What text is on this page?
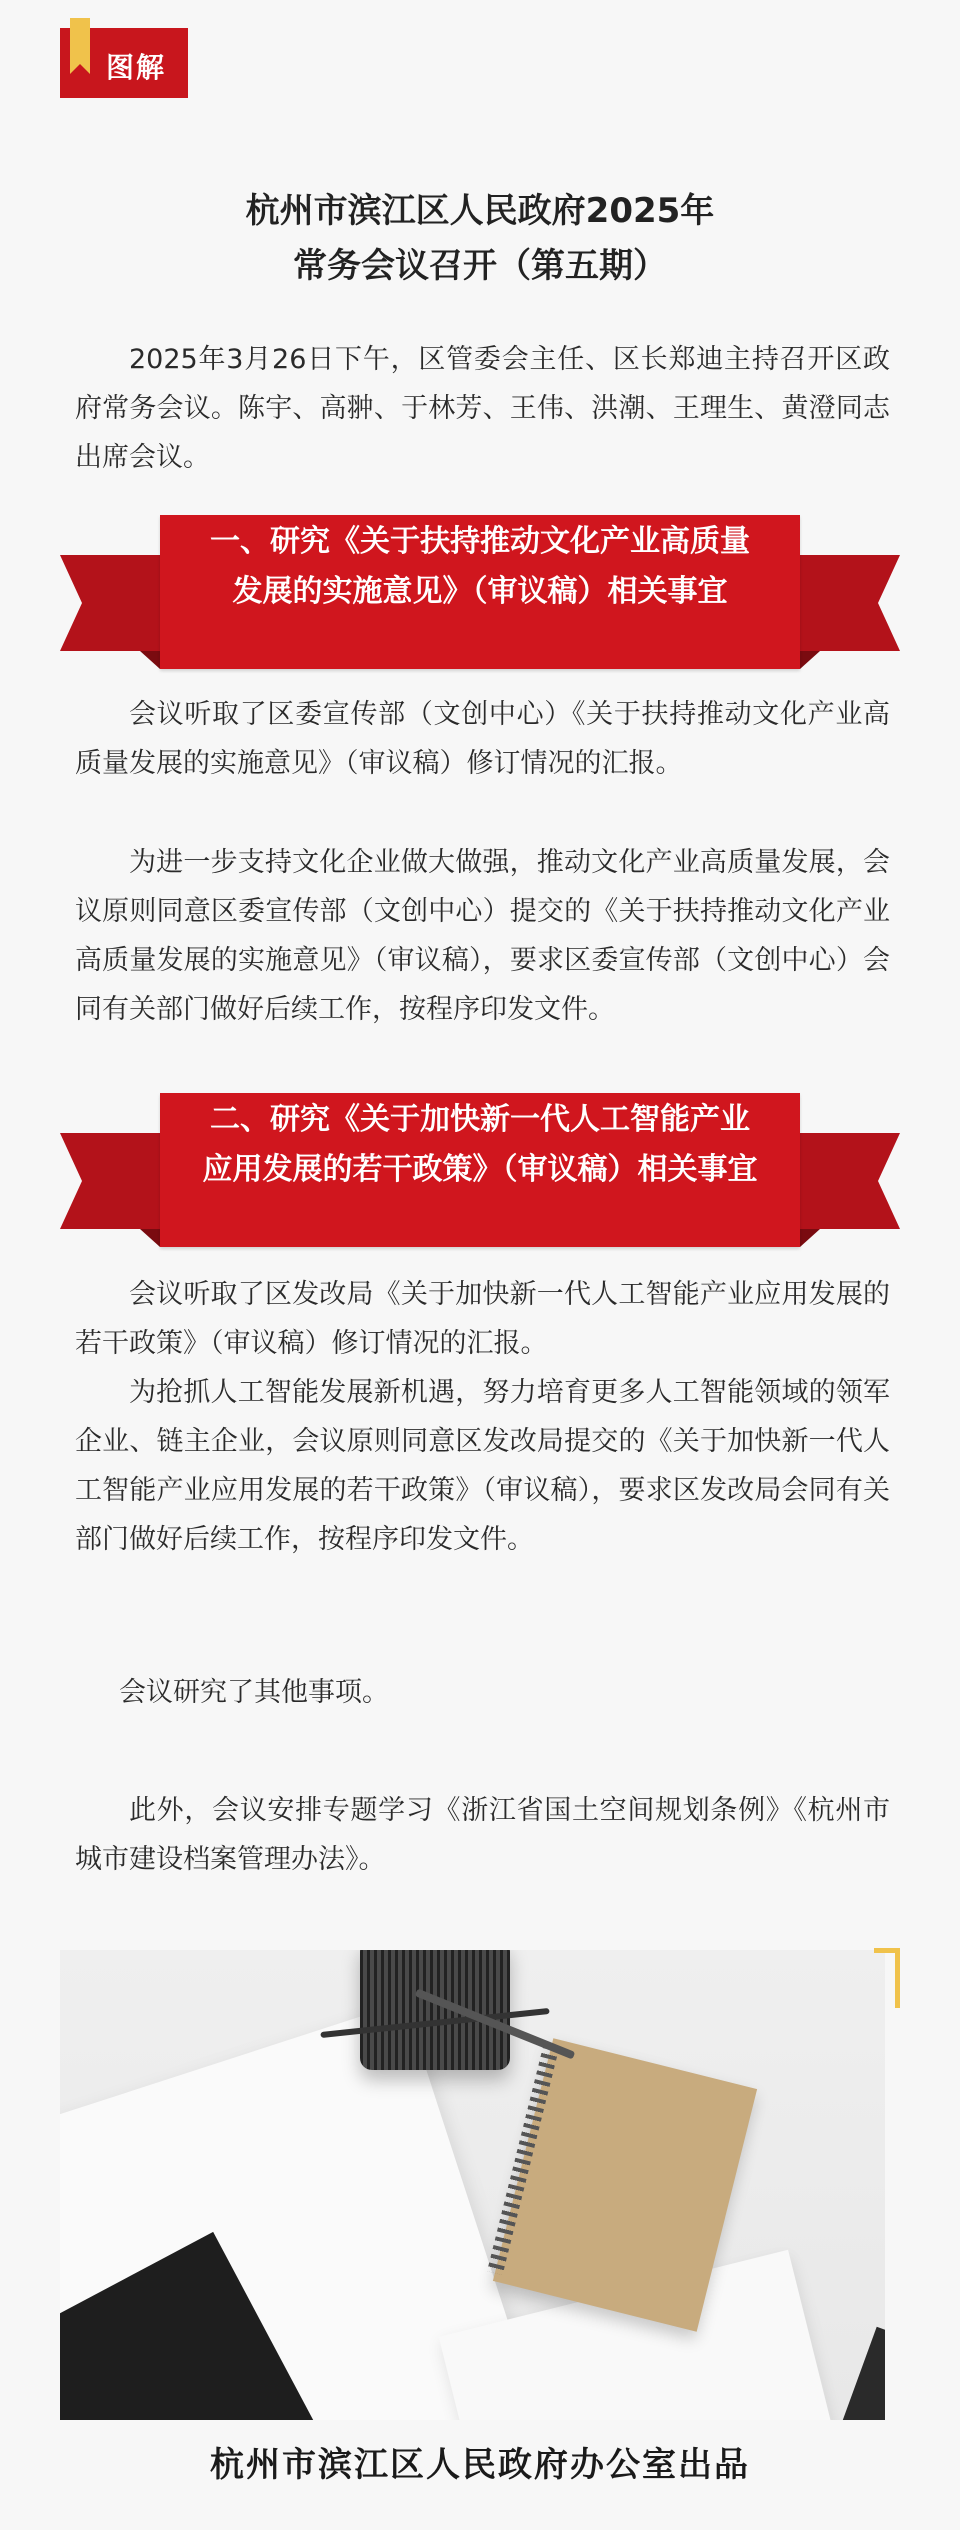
图解
杭州市滨江区人民政府2025年
常务会议召开（第五期）

2025年3月26日下午，区管委会主任、区长郑迪主持召开区政府常务会议。陈宇、高翀、于林芳、王伟、洪潮、王理生、黄澄同志出席会议。

一、研究《关于扶持推动文化产业高质量发展的实施意见》（审议稿）相关事宜

会议听取了区委宣传部（文创中心）《关于扶持推动文化产业高质量发展的实施意见》（审议稿）修订情况的汇报。

为进一步支持文化企业做大做强，推动文化产业高质量发展，会议原则同意区委宣传部（文创中心）提交的《关于扶持推动文化产业高质量发展的实施意见》（审议稿），要求区委宣传部（文创中心）会同有关部门做好后续工作，按程序印发文件。

二、研究《关于加快新一代人工智能产业应用发展的若干政策》（审议稿）相关事宜

会议听取了区发改局《关于加快新一代人工智能产业应用发展的若干政策》（审议稿）修订情况的汇报。

为抢抓人工智能发展新机遇，努力培育更多人工智能领域的领军企业、链主企业，会议原则同意区发改局提交的《关于加快新一代人工智能产业应用发展的若干政策》（审议稿），要求区发改局会同有关部门做好后续工作，按程序印发文件。

会议研究了其他事项。

此外，会议安排专题学习《浙江省国土空间规划条例》《杭州市城市建设档案管理办法》。

杭州市滨江区人民政府办公室出品
